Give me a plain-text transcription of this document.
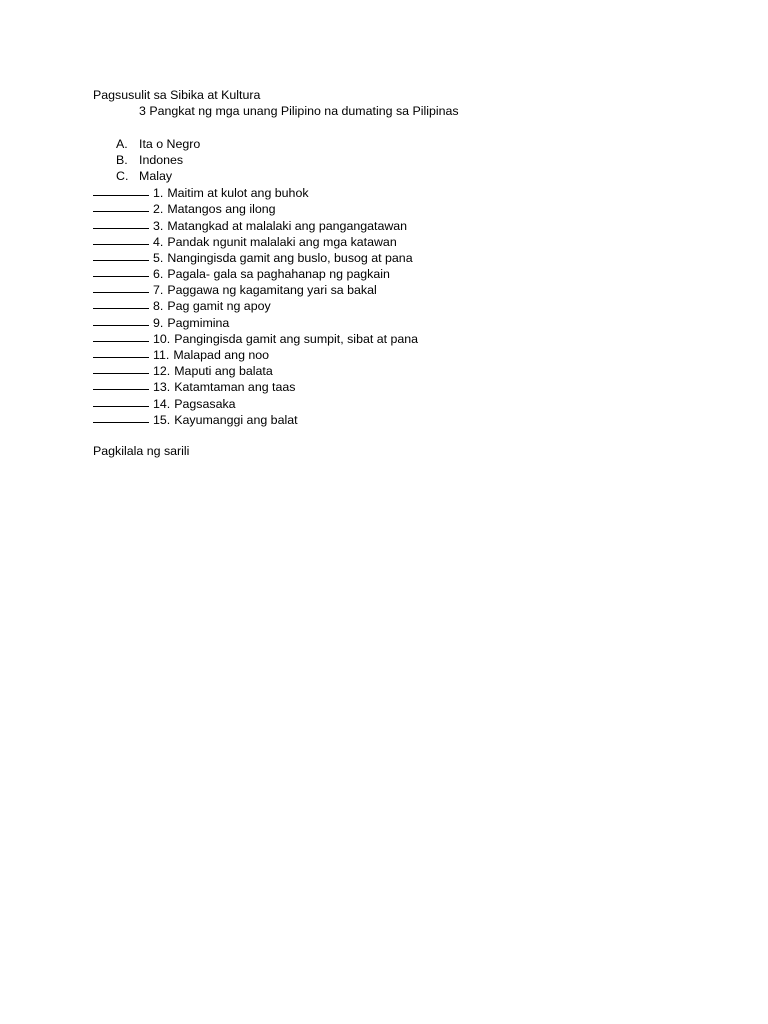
Pagsusulit sa Sibika at Kultura
3 Pangkat ng mga unang Pilipino na dumating sa Pilipinas
A. Ita o Negro
B. Indones
C. Malay
1. Maitim at kulot ang buhok
2. Matangos ang ilong
3. Matangkad at malalaki ang pangangatawan
4. Pandak ngunit malalaki ang mga katawan
5. Nangingisda gamit ang buslo, busog at pana
6. Pagala- gala sa paghahanap ng pagkain
7. Paggawa ng kagamitang yari sa bakal
8. Pag gamit ng apoy
9. Pagmimina
10. Pangingisda gamit ang sumpit, sibat at pana
11. Malapad ang noo
12. Maputi ang balata
13. Katamtaman ang taas
14. Pagsasaka
15. Kayumanggi ang balat
Pagkilala ng sarili
